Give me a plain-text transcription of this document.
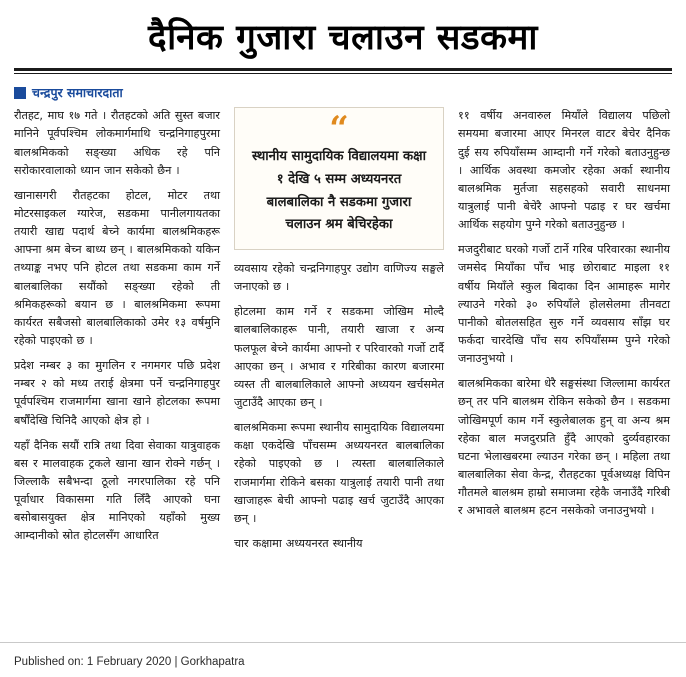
दैनिक गुजारा चलाउन सडकमा
चन्द्रपुर समाचारदाता

रौतहट, माघ १७ गते । रौतहटको अति सुस्त बजार मानिने पूर्वपश्चिम लोकमार्गमाथि चन्द्रनिगाहपुरमा बालश्रमिकको सङ्ख्या अधिक रहे पनि सरोकारवालाको ध्यान जान सकेको छैन ।

खानासगरी रौतहटका होटल, मोटर तथा मोटरसाइकल ग्यारेज, सडकमा पानीलगायतका तयारी खाद्य पदार्थ बेच्ने कार्यमा बालश्रमिकहरू आफ्ना श्रम बेच्न बाध्य छन् । बालश्रमिकको यकिन तथ्याङ्क नभए पनि होटल तथा सडकमा काम गर्ने बालबालिका सयौंको सङ्ख्या रहेको ती श्रमिकहरूको बयान छ । बालश्रमिकमा रूपमा कार्यरत सबैजसो बालबालिकाको उमेर १३ वर्षमुनि रहेको पाइएको छ ।

प्रदेश नम्बर ३ का मुगलिन र नगमगर पछि प्रदेश नम्बर २ को मध्य तराई क्षेत्रमा पर्ने चन्द्रनिगाहपुर पूर्वपश्चिम राजमार्गमा खाना खाने होटलका रूपमा बर्षौंदेखि चिनिदै आएको क्षेत्र हो ।

यहाँ दैनिक सयौं रात्रि तथा दिवा सेवाका यात्रुवाहक बस र मालवाहक ट्रकले खाना खान रोक्ने गर्छन् । जिल्लाकै सबैभन्दा ठूलो नगरपालिका रहे पनि पूर्वाधार विकासमा गति लिँदै आएको घना बसोबासयुक्त क्षेत्र मानिएको यहाँको मुख्य आम्दानीको स्रोत होटलसँग आधारित

“
स्थानीय सामुदायिक विद्यालयमा कक्षा १ देखि ५ सम्म अध्ययनरत बालबालिका नै सडकमा गुजारा चलाउन श्रम बेचिरहेका

व्यवसाय रहेको चन्द्रनिगाहपुर उद्योग वाणिज्य सङ्घले जनाएको छ ।

होटलमा काम गर्ने र सडकमा जोखिम मोल्दै बालबालिकाहरू पानी, तयारी खाजा र अन्य फलफूल बेच्ने कार्यमा आफ्नो र परिवारको गर्जो टार्दै आएका छन् । अभाव र गरिबीका कारण बजारमा व्यस्त ती बालबालिकाले आफ्नो अध्ययन खर्चसमेत जुटाउँदै आएका छन् ।

बालश्रमिकमा रूपमा स्थानीय सामुदायिक विद्यालयमा कक्षा एकदेखि पाँचसम्म अध्ययनरत बालबालिका रहेको पाइएको छ । त्यस्ता बालबालिकाले राजमार्गमा रोकिने बसका यात्रुलाई तयारी पानी तथा खाजाहरू बेची आफ्नो पढाइ खर्च जुटाउँदै आएका छन् ।

चार कक्षामा अध्ययनरत स्थानीय

११ वर्षीय अनवारुल मियाँले विद्यालय पछिलो समयमा बजारमा आएर मिनरल वाटर बेचेर दैनिक दुई सय रुपियाँसम्म आम्दानी गर्ने गरेको बताउनुहुन्छ । आर्थिक अवस्था कमजोर रहेका अर्का स्थानीय बालश्रमिक मुर्तजा सहसहको सवारी साधनमा यात्रुलाई पानी बेचेरै आफ्नो पढाइ र घर खर्चमा आर्थिक सहयोग पुग्ने गरेको बताउनुहुन्छ ।

मजदुरीबाट घरको गर्जो टार्ने गरिब परिवारका स्थानीय जमसेद मियाँका पाँच भाइ छोराबाट माइला ११ वर्षीय मियाँले स्कुल बिदाका दिन आमाहरू मागेर ल्याउने गरेको ३० रुपियाँले होलसेलमा तीनवटा पानीको बोतलसहित सुरु गर्ने व्यवसाय साँझ घर फर्कदा चारदेखि पाँच सय रुपियाँसम्म पुग्ने गरेको जनाउनुभयो ।

बालश्रमिकका बारेमा धेरै सङ्घसंस्था जिल्लामा कार्यरत छन् तर पनि बालश्रम रोकिन सकेको छैन । सडकमा जोखिमपूर्ण काम गर्ने स्कुलेबालक हुन् वा अन्य श्रम रहेका बाल मजदुरप्रति हुँदै आएको दुर्व्यवहारका घटना भेलाखबरमा ल्याउन गरेका छन् । महिला तथा बालबालिका सेवा केन्द्र, रौतहटका पूर्वअध्यक्ष विपिन गौतमले बालश्रम हाम्रो समाजमा रहेकै जनाउँदै गरिबी र अभावले बालश्रम हटन नसकेको जनाउनुभयो ।

Published on: 1 February 2020 | Gorkhapatra
